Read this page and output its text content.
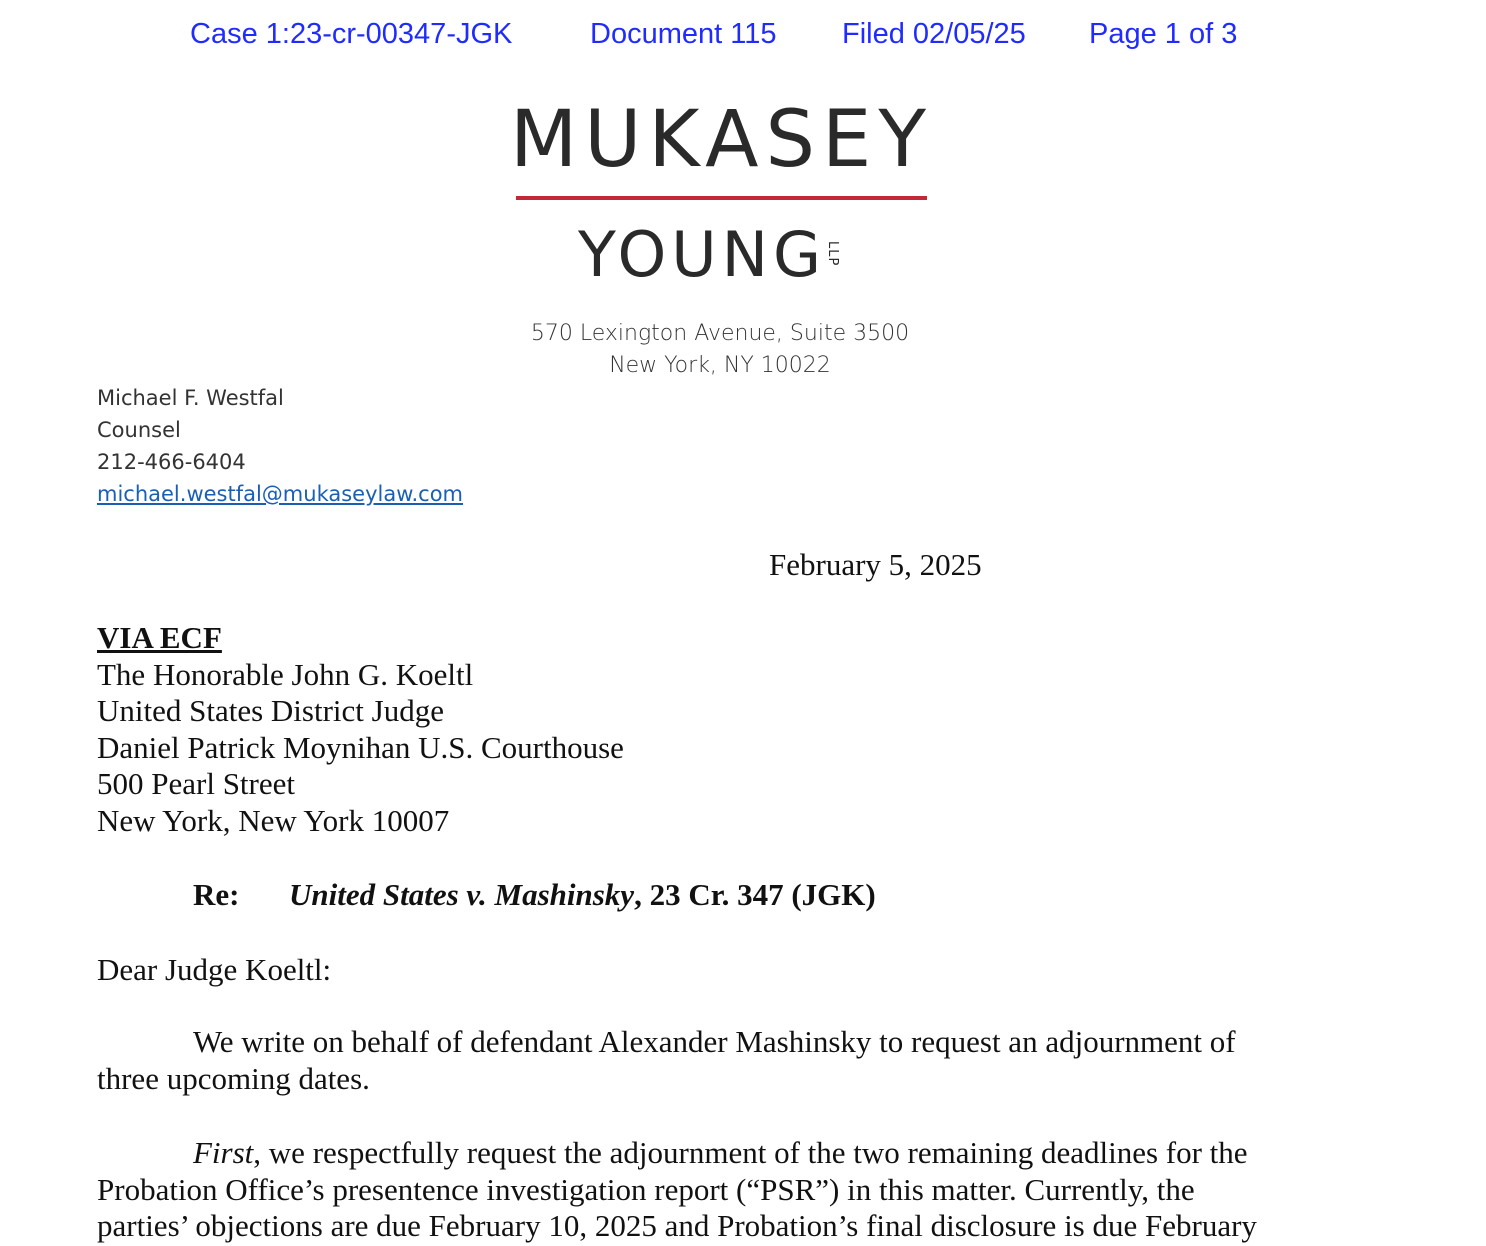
Case 1:23-cr-00347-JGK	Document 115 Filed 02/05/25 Page 1 of 3
MUKASEY
YOUNG
LLP
570 Lexington Avenue, Suite 3500
New York, NY 10022
Michael F. Westfal
Counsel
212-466-6404
michael.westfal@mukaseylaw.com
February 5, 2025
VIA ECF
The Honorable John G. Koeltl
United States District Judge
Daniel Patrick Moynihan U.S. Courthouse
500 Pearl Street
New York, New York 10007
Re: United States v. Mashinsky, 23 Cr. 347 (JGK)
Dear Judge Koeltl:
We write on behalf of defendant Alexander Mashinsky to request an adjournment of
three upcoming dates.
First, we respectfully request the adjournment of the two remaining deadlines for the
Probation Office’s presentence investigation report (“PSR”) in this matter. Currently, the
parties’ objections are due February 10, 2025 and Probation’s final disclosure is due February
